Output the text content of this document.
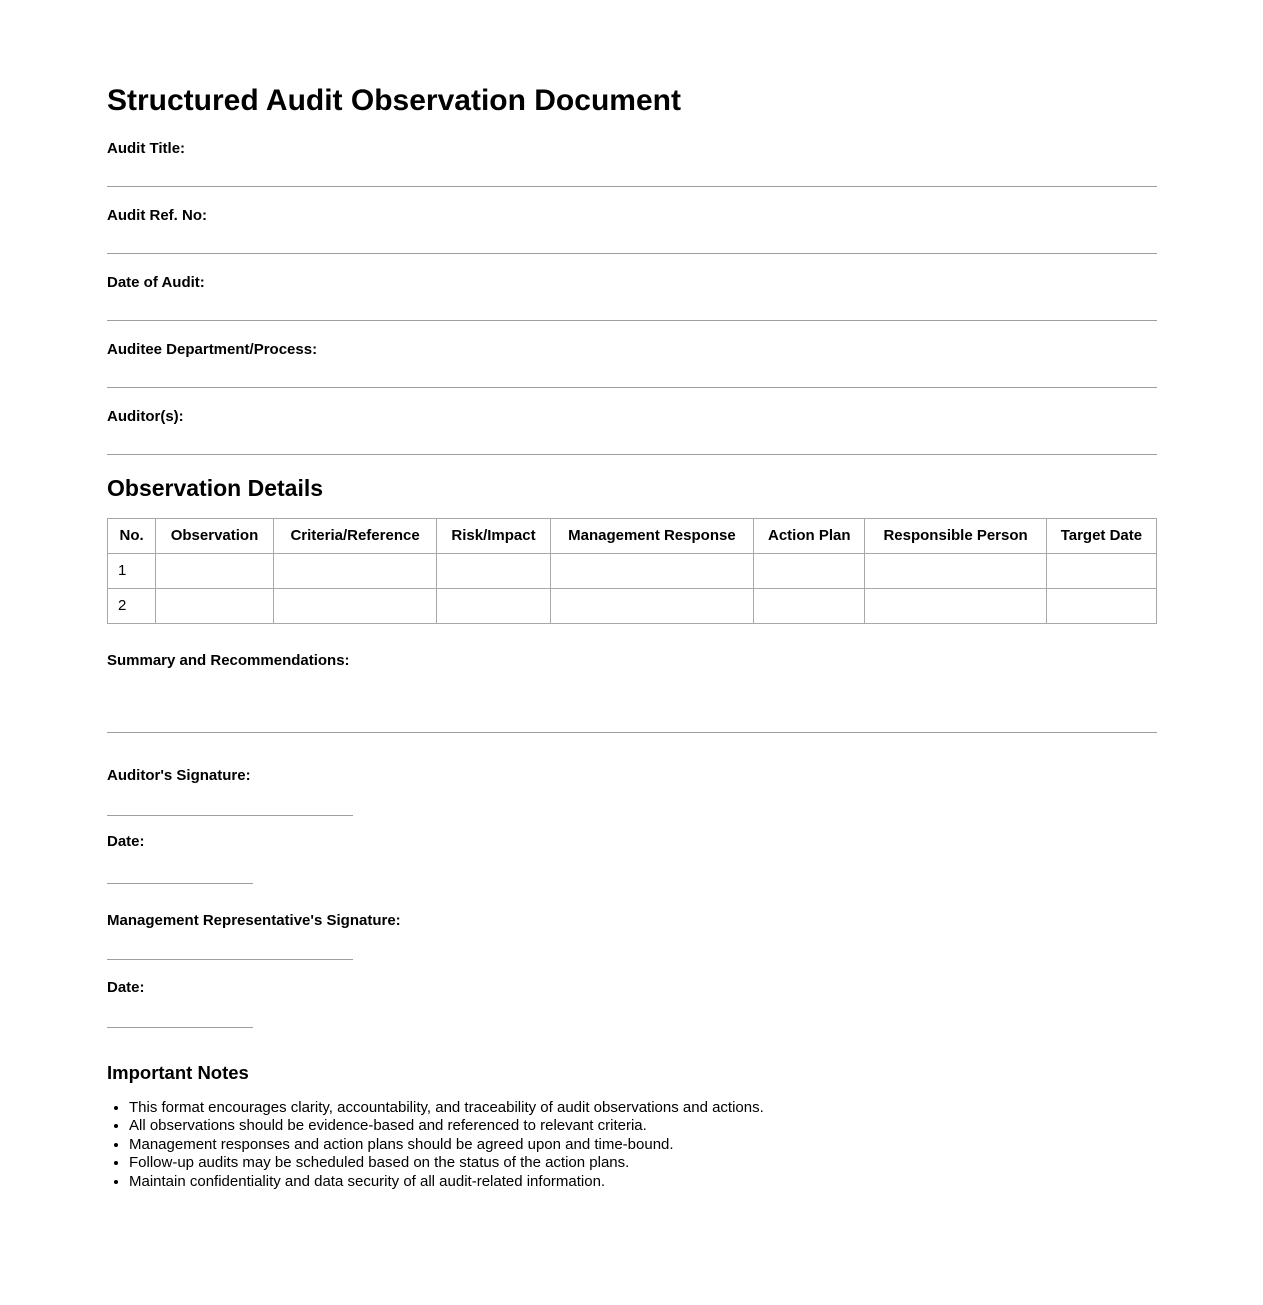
Structured Audit Observation Document
Audit Title:
Audit Ref. No:
Date of Audit:
Auditee Department/Process:
Auditor(s):
Observation Details
No.	Observation	Criteria/Reference	Risk/Impact	Management Response	Action Plan	Responsible Person	Target Date
1							
2							
Summary and Recommendations:
Auditor's Signature:
Date:
Management Representative's Signature:
Date:
Important Notes
• This format encourages clarity, accountability, and traceability of audit observations and actions.
• All observations should be evidence-based and referenced to relevant criteria.
• Management responses and action plans should be agreed upon and time-bound.
• Follow-up audits may be scheduled based on the status of the action plans.
• Maintain confidentiality and data security of all audit-related information.
